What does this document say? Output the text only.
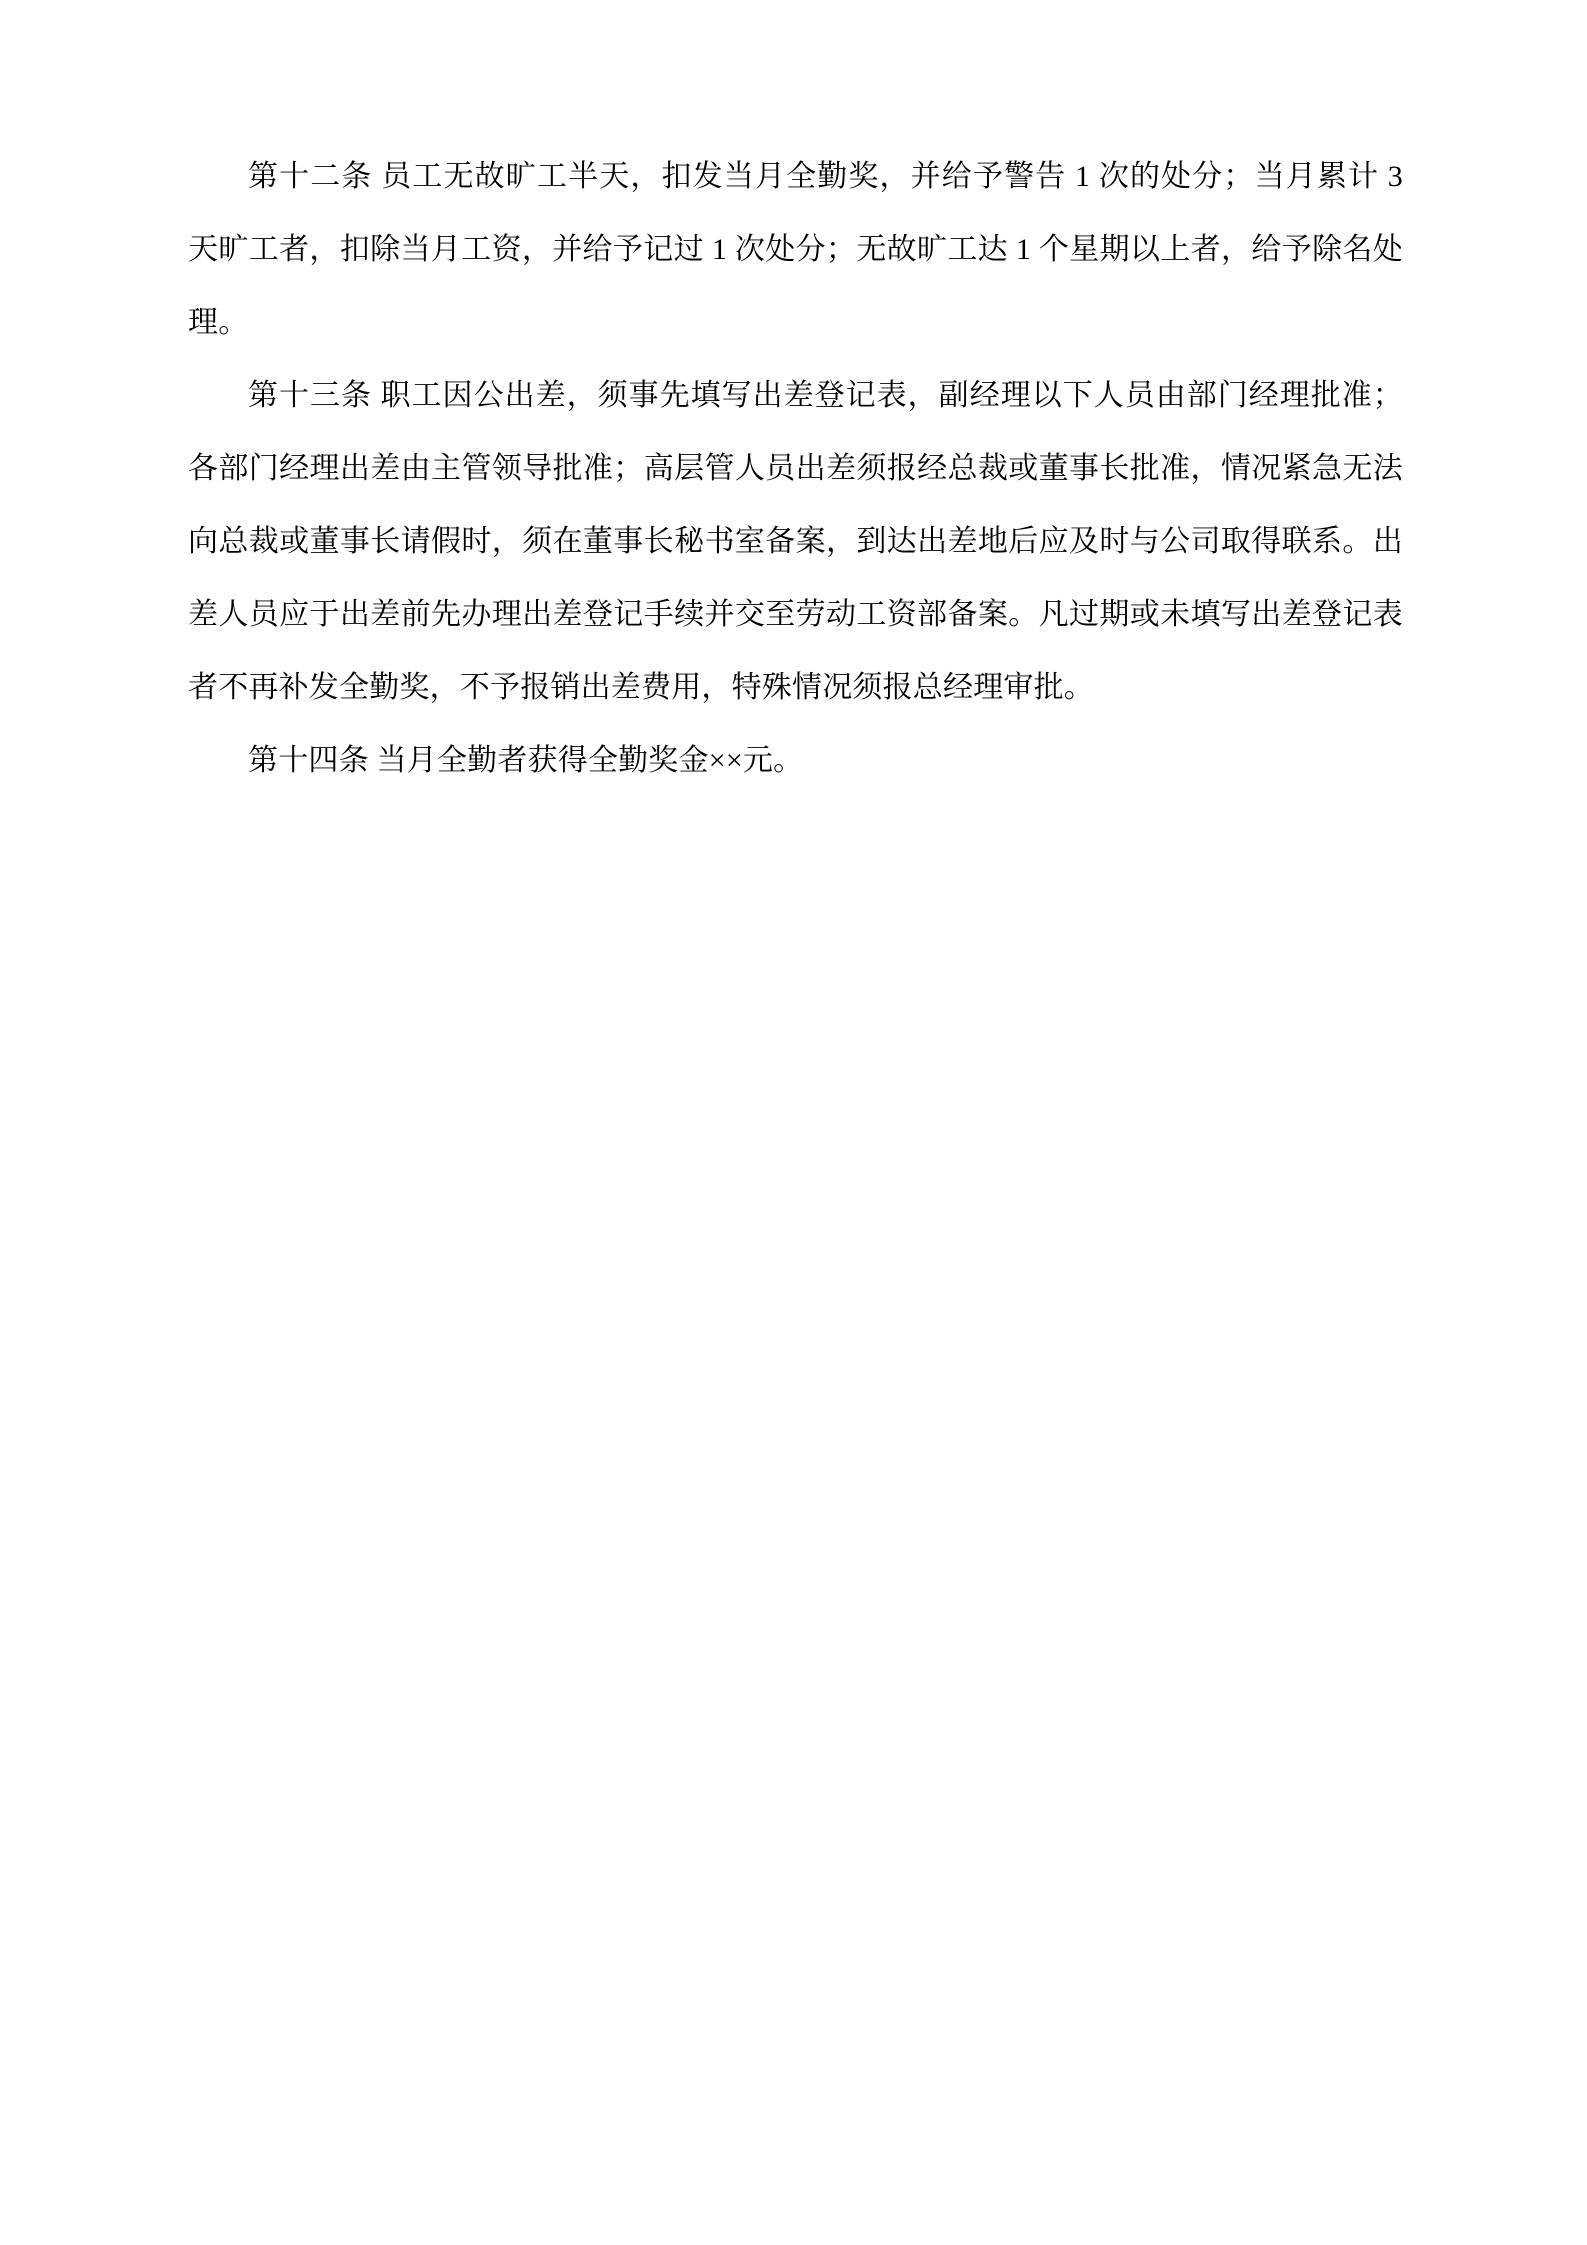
第十二条 员工无故旷工半天，扣发当月全勤奖，并给予警告 1 次的处分；当月累计 3 天旷工者，扣除当月工资，并给予记过 1 次处分；无故旷工达 1 个星期以上者，给予除名处理。

第十三条 职工因公出差，须事先填写出差登记表，副经理以下人员由部门经理批准；各部门经理出差由主管领导批准；高层管人员出差须报经总裁或董事长批准，情况紧急无法向总裁或董事长请假时，须在董事长秘书室备案，到达出差地后应及时与公司取得联系。出差人员应于出差前先办理出差登记手续并交至劳动工资部备案。凡过期或未填写出差登记表者不再补发全勤奖，不予报销出差费用，特殊情况须报总经理审批。

第十四条 当月全勤者获得全勤奖金××元。
